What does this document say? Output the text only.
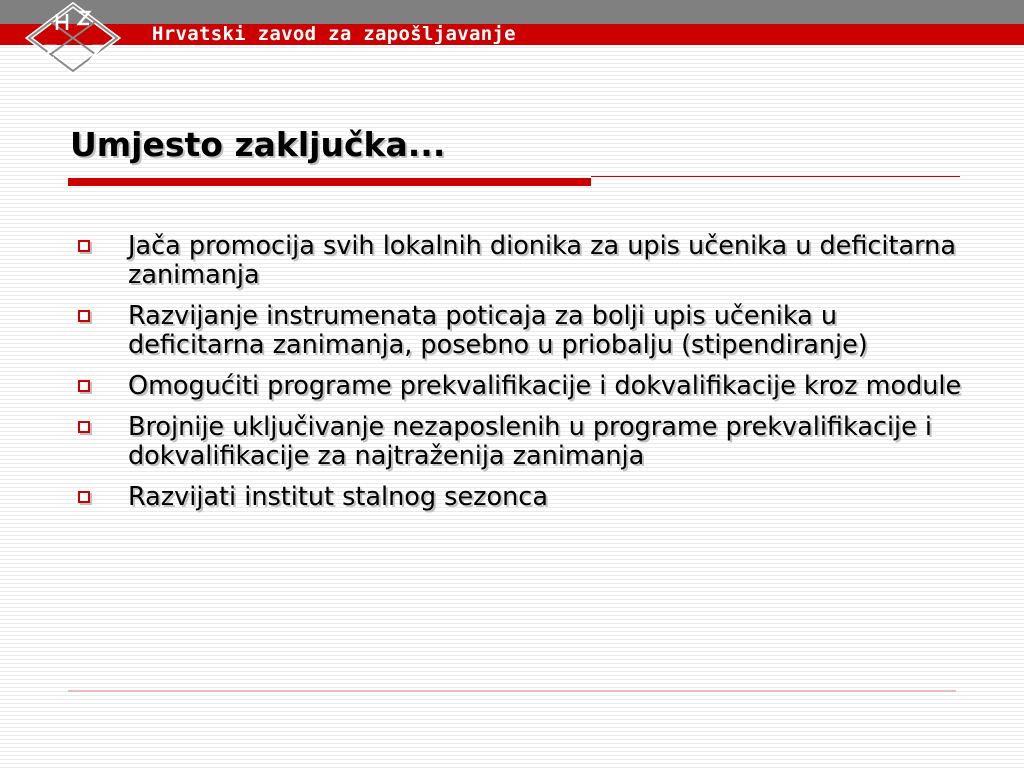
Hrvatski zavod za zapošljavanje
Umjesto zaključka...
Jača promocija svih lokalnih dionika za upis učenika u deficitarna zanimanja
Razvijanje instrumenata poticaja za bolji upis učenika u deficitarna zanimanja, posebno u priobalju (stipendiranje)
Omogućiti programe prekvalifikacije i dokvalifikacije kroz module
Brojnije uključivanje nezaposlenih u programe prekvalifikacije i dokvalifikacije za najtraženija zanimanja
Razvijati institut stalnog sezonca
